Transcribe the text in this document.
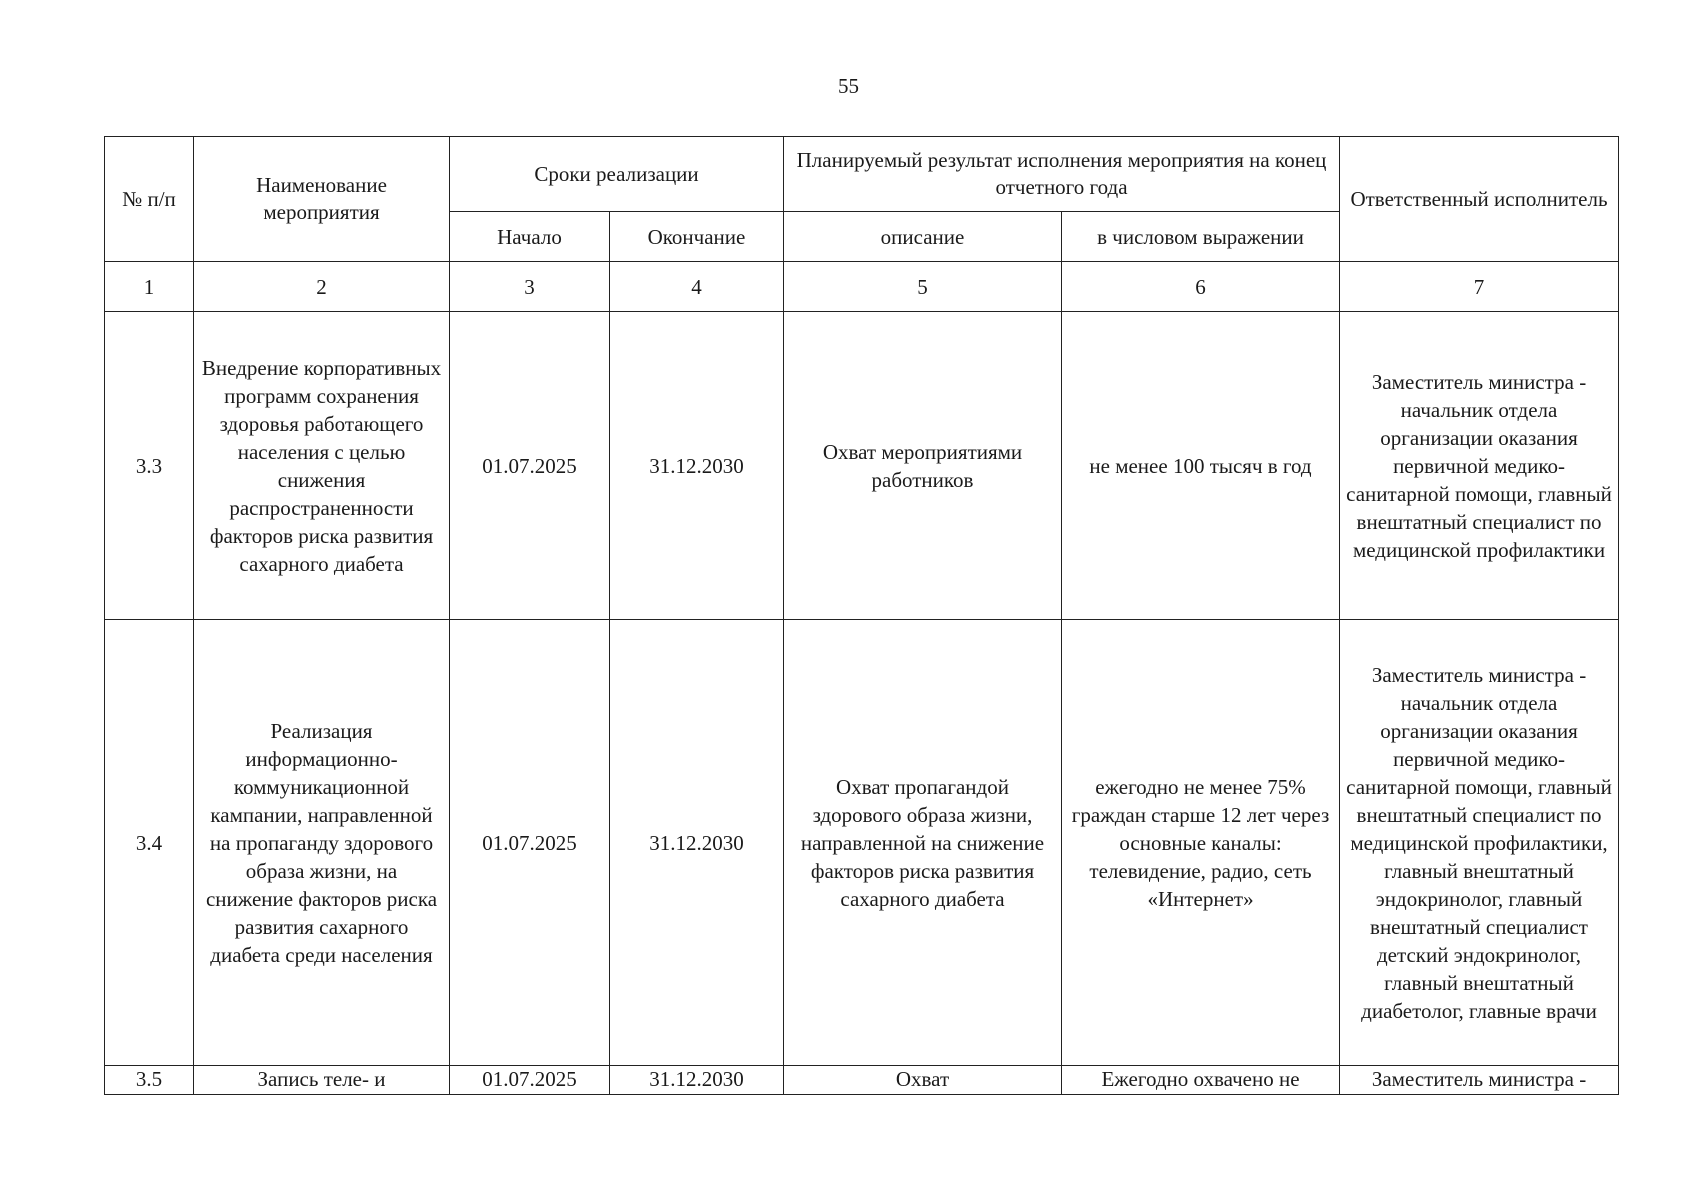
55
№ п/п	Наименование мероприятия	Сроки реализации		Планируемый результат исполнения мероприятия на конец отчетного года		Ответственный исполнитель
		Начало	Окончание	описание	в числовом выражении	
1	2	3	4	5	6	7
3.3	Внедрение корпоративных программ сохранения здоровья работающего населения с целью снижения распространенности факторов риска развития сахарного диабета	01.07.2025	31.12.2030	Охват мероприятиями работников	не менее 100 тысяч в год	Заместитель министра - начальник отдела организации оказания первичной медико-санитарной помощи, главный внештатный специалист по медицинской профилактики
3.4	Реализация информационно-коммуникационной кампании, направленной на пропаганду здорового образа жизни, на снижение факторов риска развития сахарного диабета среди населения	01.07.2025	31.12.2030	Охват пропагандой здорового образа жизни, направленной на снижение факторов риска развития сахарного диабета	ежегодно не менее 75% граждан старше 12 лет через основные каналы: телевидение, радио, сеть «Интернет»	Заместитель министра - начальник отдела организации оказания первичной медико-санитарной помощи, главный внештатный специалист по медицинской профилактики, главный внештатный эндокринолог, главный внештатный специалист детский эндокринолог, главный внештатный диабетолог, главные врачи
3.5	Запись теле- и	01.07.2025	31.12.2030	Охват	Ежегодно охвачено не	Заместитель министра -
